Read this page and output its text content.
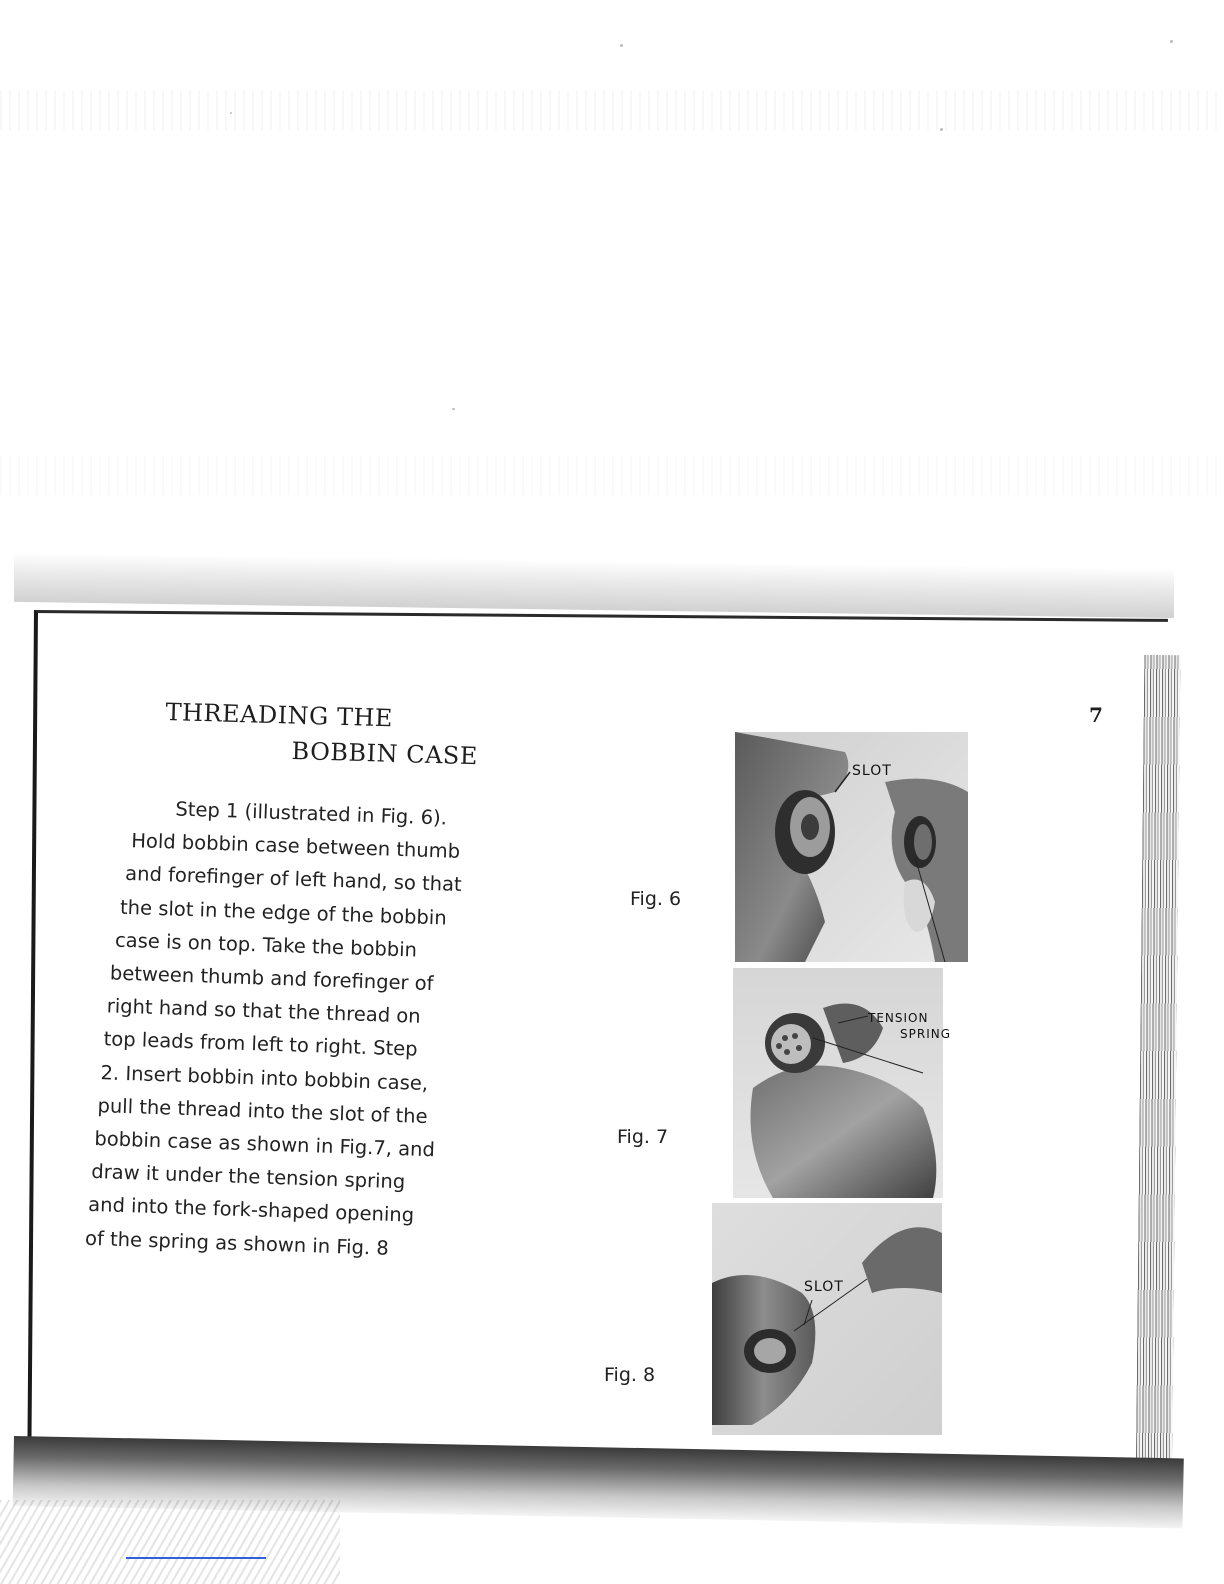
THREADING THE
BOBBIN CASE
7
Step 1 (illustrated in Fig. 6).
Hold bobbin case between thumb
and forefinger of left hand, so that
the slot in the edge of the bobbin
case is on top. Take the bobbin
between thumb and forefinger of
right hand so that the thread on
top leads from left to right. Step
2. Insert bobbin into bobbin case,
pull the thread into the slot of the
bobbin case as shown in Fig.7, and
draw it under the tension spring
and into the fork-shaped opening
of the spring as shown in Fig. 8
Fig. 6
Fig. 7
Fig. 8
SLOT
TENSION
SPRING
SLOT
